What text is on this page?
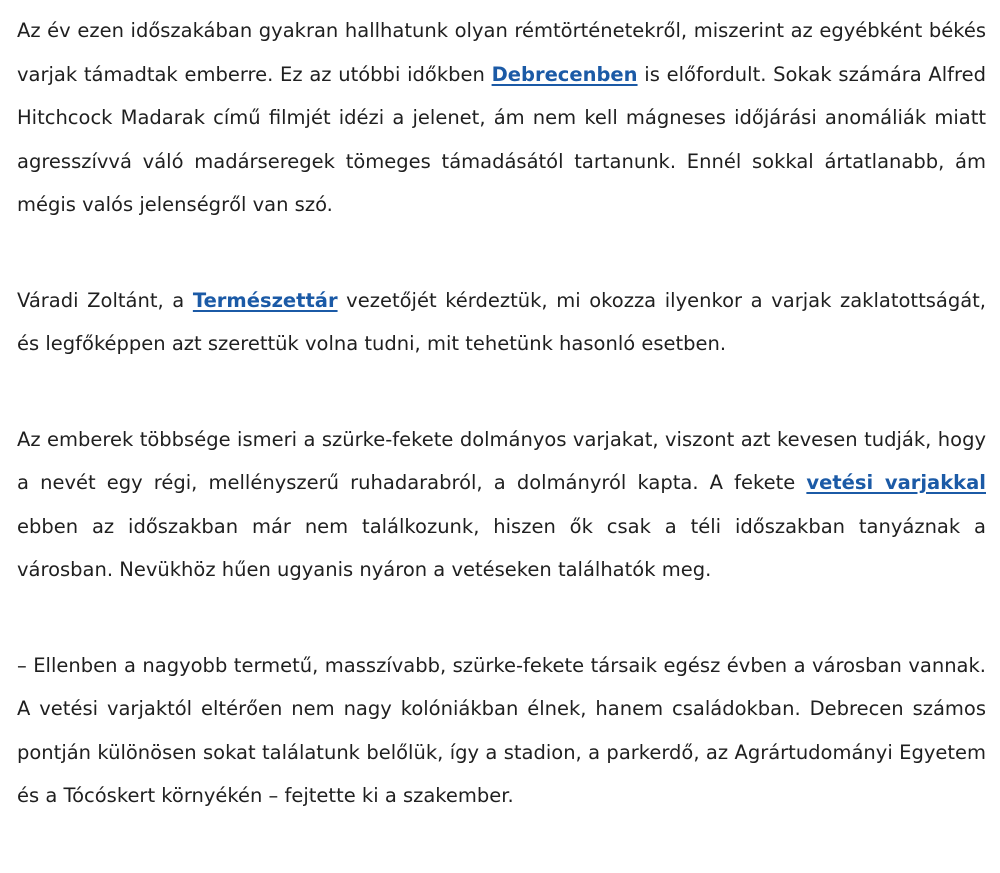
Az év ezen időszakában gyakran hallhatunk olyan rémtörténetekről, miszerint az egyébként békés varjak támadtak emberre. Ez az utóbbi időkben Debrecenben is előfordult. Sokak számára Alfred Hitchcock Madarak című filmjét idézi a jelenet, ám nem kell mágneses időjárási anomáliák miatt agresszívvá váló madárseregek tömeges támadásától tartanunk. Ennél sokkal ártatlanabb, ám mégis valós jelenségről van szó.

Váradi Zoltánt, a Természettár vezetőjét kérdeztük, mi okozza ilyenkor a varjak zaklatottságát, és legfőképpen azt szerettük volna tudni, mit tehetünk hasonló esetben.

Az emberek többsége ismeri a szürke-fekete dolmányos varjakat, viszont azt kevesen tudják, hogy a nevét egy régi, mellényszerű ruhadarabról, a dolmányról kapta. A fekete vetési varjakkal ebben az időszakban már nem találkozunk, hiszen ők csak a téli időszakban tanyáznak a városban. Nevükhöz hűen ugyanis nyáron a vetéseken találhatók meg.

– Ellenben a nagyobb termetű, masszívabb, szürke-fekete társaik egész évben a városban vannak. A vetési varjaktól eltérően nem nagy kolóniákban élnek, hanem családokban. Debrecen számos pontján különösen sokat találatunk belőlük, így a stadion, a parkerdő, az Agrártudományi Egyetem és a Tócóskert környékén – fejtette ki a szakember.
